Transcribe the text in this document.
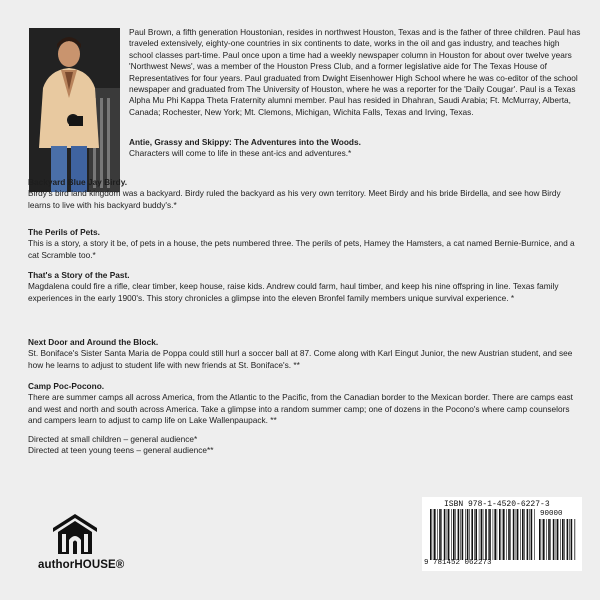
Paul Brown, a fifth generation Houstonian, resides in northwest Houston, Texas and is the father of three children. Paul has traveled extensively, eighty-one countries in six continents to date, works in the oil and gas industry, and teaches high school classes part-time. Paul once upon a time had a weekly newspaper column in Houston for about over twelve years 'Northwest News', was a member of the Houston Press Club, and a former legislative aide for The Texas House of Representatives for four years. Paul graduated from Dwight Eisenhower High School where he was co-editor of the school newspaper and graduated from The University of Houston, where he was a reporter for the 'Daily Cougar'. Paul is a Texas Alpha Mu Phi Kappa Theta Fraternity alumni member. Paul has resided in Dhahran, Saudi Arabia; Ft. McMurray, Alberta, Canada; Rochester, New York; Mt. Clemons, Michigan, Wichita Falls, Texas and Irving, Texas.

Antie, Grassy and Skippy: The Adventures into the Woods.

Characters will come to life in these ant-ics and adventures.*

Backyard Blue Jay Birdy.

Birdy's bird land kingdom was a backyard. Birdy ruled the backyard as his very own territory. Meet Birdy and his bride Birdella, and see how Birdy learns to live with his backyard buddy's.*

The Perils of Pets.

This is a story, a story it be, of pets in a house, the pets numbered three. The perils of pets, Hamey the Hamsters, a cat named Bernie-Burnice, and a cat Scramble too.*

That's a Story of the Past.

Magdalena could fire a rifle, clear timber, keep house, raise kids. Andrew could farm, haul timber, and keep his nine offspring in line. Texas family experiences in the early 1900's. This story chronicles a glimpse into the eleven Bronfel family members unique survival experience. *

Next Door and Around the Block.

St. Boniface's Sister Santa Maria de Poppa could still hurl a soccer ball at 87. Come along with Karl Eingut Junior, the new Austrian student, and see how he learns to adjust to student life with new friends at St. Boniface's. **

Camp Poc-Pocono.

There are summer camps all across America, from the Atlantic to the Pacific, from the Canadian border to the Mexican border. There are camps east and west and north and south across America. Take a glimpse into a random summer camp; one of dozens in the Pocono's where camp counselors and campers learn to adjust to camp life on Lake Wallenpaupack. **

Directed at small children – general audience*

Directed at teen young teens – general audience**

authorHOUSE®
ISBN 978-1-4520-6227-3
90000
9 781452 062273
